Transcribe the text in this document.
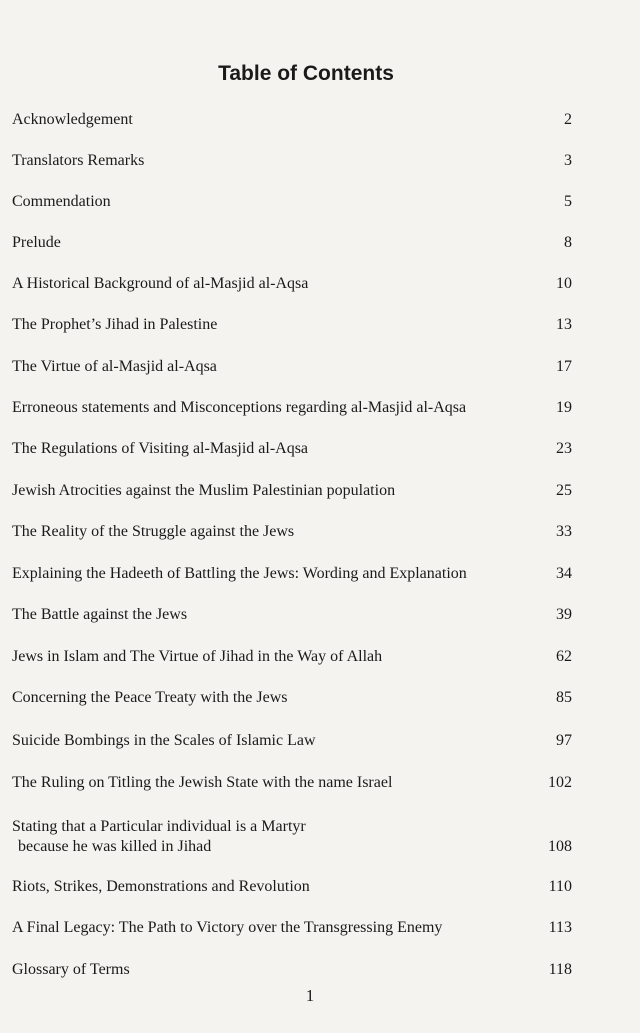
Table of Contents
Acknowledgement	2
Translators Remarks	3
Commendation	5
Prelude	8
A Historical Background of al-Masjid al-Aqsa	10
The Prophet’s Jihad in Palestine	13
The Virtue of al-Masjid al-Aqsa	17
Erroneous statements and Misconceptions regarding al-Masjid al-Aqsa	19
The Regulations of Visiting al-Masjid al-Aqsa	23
Jewish Atrocities against the Muslim Palestinian population	25
The Reality of the Struggle against the Jews	33
Explaining the Hadeeth of Battling the Jews: Wording and Explanation	34
The Battle against the Jews	39
Jews in Islam and The Virtue of Jihad in the Way of Allah	62
Concerning the Peace Treaty with the Jews	85
Suicide Bombings in the Scales of Islamic Law	97
The Ruling on Titling the Jewish State with the name Israel	102
Stating that a Particular individual is a Martyr
because he was killed in Jihad	108
Riots, Strikes, Demonstrations and Revolution	110
A Final Legacy: The Path to Victory over the Transgressing Enemy	113
Glossary of Terms	118
1
